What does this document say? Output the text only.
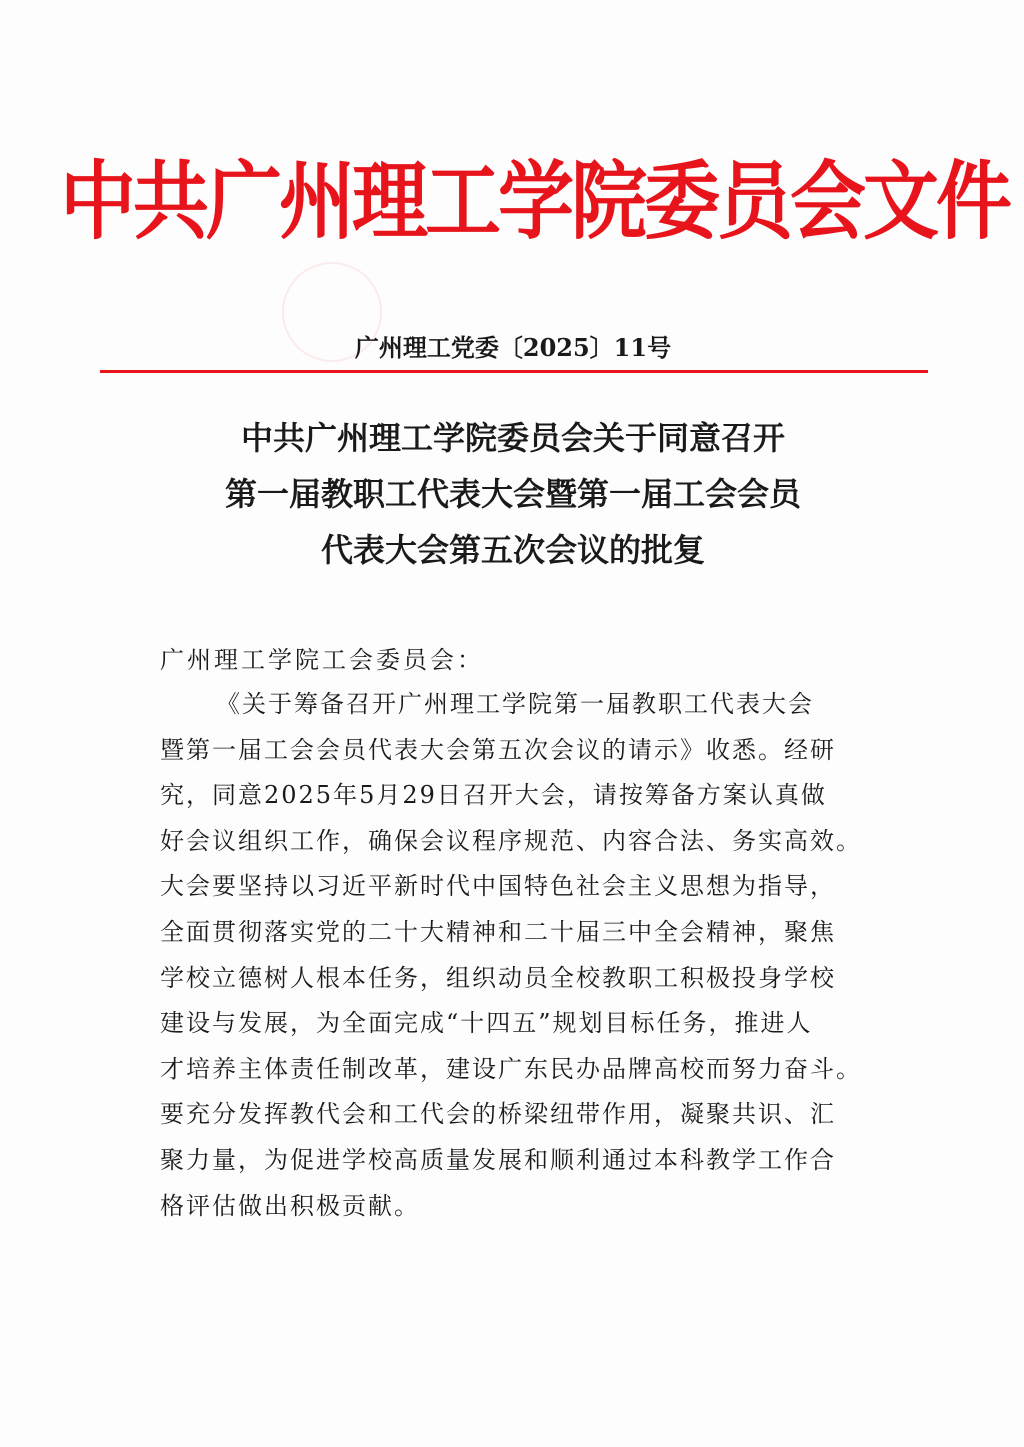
中共广州理工学院委员会文件
广州理工党委〔2025〕11号
中共广州理工学院委员会关于同意召开
第一届教职工代表大会暨第一届工会会员
代表大会第五次会议的批复
广州理工学院工会委员会：
《关于筹备召开广州理工学院第一届教职工代表大会
暨第一届工会会员代表大会第五次会议的请示》收悉。经研
究，同意2025年5月29日召开大会，请按筹备方案认真做
好会议组织工作，确保会议程序规范、内容合法、务实高效。
大会要坚持以习近平新时代中国特色社会主义思想为指导，
全面贯彻落实党的二十大精神和二十届三中全会精神，聚焦
学校立德树人根本任务，组织动员全校教职工积极投身学校
建设与发展，为全面完成“十四五”规划目标任务，推进人
才培养主体责任制改革，建设广东民办品牌高校而努力奋斗。
要充分发挥教代会和工代会的桥梁纽带作用，凝聚共识、汇
聚力量，为促进学校高质量发展和顺利通过本科教学工作合
格评估做出积极贡献。
